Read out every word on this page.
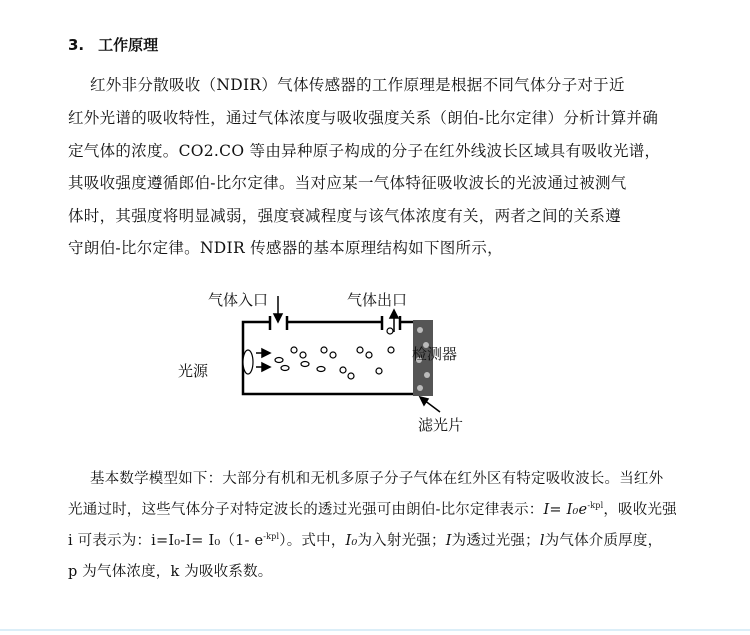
3. 工作原理
红外非分散吸收（NDIR）气体传感器的工作原理是根据不同气体分子对于近
红外光谱的吸收特性，通过气体浓度与吸收强度关系（朗伯-比尔定律）分析计算并确
定气体的浓度。CO2.CO 等由异种原子构成的分子在红外线波长区域具有吸收光谱，
其吸收强度遵循郎伯-比尔定律。当对应某一气体特征吸收波长的光波通过被测气
体时，其强度将明显减弱，强度衰减程度与该气体浓度有关，两者之间的关系遵
守朗伯-比尔定律。NDIR 传感器的基本原理结构如下图所示，
气体入口	气体出口
光源
检测器
滤光片
基本数学模型如下：大部分有机和无机多原子分子气体在红外区有特定吸收波长。当红外
光通过时，这些气体分子对特定波长的透过光强可由朗伯-比尔定律表示：$I= I_0e^{-kpl}$，吸收光强
i 可表示为：i=I₀-I= I₀（1- $e^{-kpl}$）。式中，I₀为入射光强；I为透过光强；l为气体介质厚度，
p 为气体浓度，k 为吸收系数。
